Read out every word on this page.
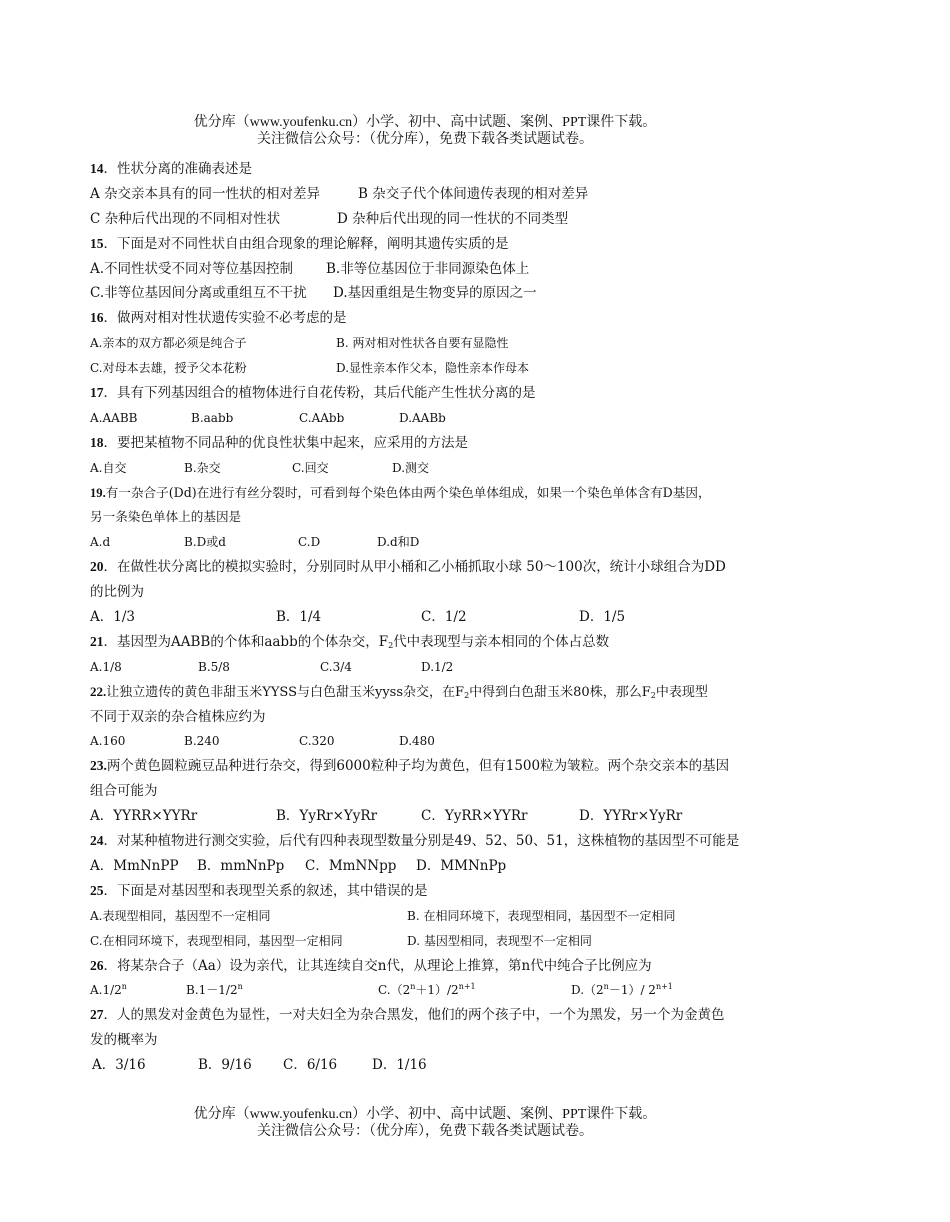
优分库（www.youfenku.cn）小学、初中、高中试题、案例、PPT课件下载。
关注微信公众号：（优分库），免费下载各类试题试卷。
14．性状分离的准确表述是
A 杂交亲本具有的同一性状的相对差异	B 杂交子代个体间遗传表现的相对差异
C 杂种后代出现的不同相对性状	D 杂种后代出现的同一性状的不同类型
15．下面是对不同性状自由组合现象的理论解释，阐明其遗传实质的是
A.不同性状受不同对等位基因控制 B.非等位基因位于非同源染色体上
C.非等位基因间分离或重组互不干扰 D.基因重组是生物变异的原因之一
16．做两对相对性状遗传实验不必考虑的是
A.亲本的双方都必须是纯合子	B. 两对相对性状各自要有显隐性
C.对母本去雄，授予父本花粉	D.显性亲本作父本，隐性亲本作母本
17．具有下列基因组合的植物体进行自花传粉，其后代能产生性状分离的是
A.AABB	B.aabb	C.AAbb	D.AABb
18．要把某植物不同品种的优良性状集中起来，应采用的方法是
A.自交	B.杂交	C.回交	D.测交
19.有一杂合子(Dd)在进行有丝分裂时，可看到每个染色体由两个染色单体组成，如果一个染色单体含有D基因，
另一条染色单体上的基因是
A.d	B.D或d	C.D	D.d和D
20．在做性状分离比的模拟实验时，分别同时从甲小桶和乙小桶抓取小球 50～100次，统计小球组合为DD
的比例为
A．1/3	B．1/4	C．1/2	D．1/5
21．基因型为AABB的个体和aabb的个体杂交，$F_2$代中表现型与亲本相同的个体占总数
A.1/8	B.5/8	C.3/4	D.1/2
22.让独立遗传的黄色非甜玉米YYSS与白色甜玉米yyss杂交，在$F_2$中得到白色甜玉米80株，那么$F_2$中表现型
不同于双亲的杂合植株应约为
A.160	B.240	C.320	D.480
23.两个黄色圆粒豌豆品种进行杂交，得到6000粒种子均为黄色，但有1500粒为皱粒。两个杂交亲本的基因
组合可能为
A．YYRR×YYRr	B．YyRr×YyRr	C．YyRR×YYRr	D．YYRr×YyRr
24．对某种植物进行测交实验，后代有四种表现型数量分别是49、52、50、51，这株植物的基因型不可能是
A．MmNnPP B．mmNnPp C．MmNNpp D．MMNnPp
25．下面是对基因型和表现型关系的叙述，其中错误的是
A.表现型相同，基因型不一定相同	B. 在相同环境下，表现型相同，基因型不一定相同
C.在相同环境下，表现型相同，基因型一定相同	D. 基因型相同，表现型不一定相同
26．将某杂合子（Aa）设为亲代，让其连续自交n代，从理论上推算，第n代中纯合子比例应为
A.1/2$^n$	$B.1-1/2^n$	$C.(2^n+1)/2^{n+1}$	$D.(2^n-1)/$ $2^{n+1}$
27．人的黑发对金黄色为显性，一对夫妇全为杂合黑发，他们的两个孩子中，一个为黑发，另一个为金黄色
发的概率为
A．3/16	B．9/16 C．6/16	D．1/16
优分库（www.youfenku.cn）小学、初中、高中试题、案例、PPT课件下载。
关注微信公众号：（优分库），免费下载各类试题试卷。
